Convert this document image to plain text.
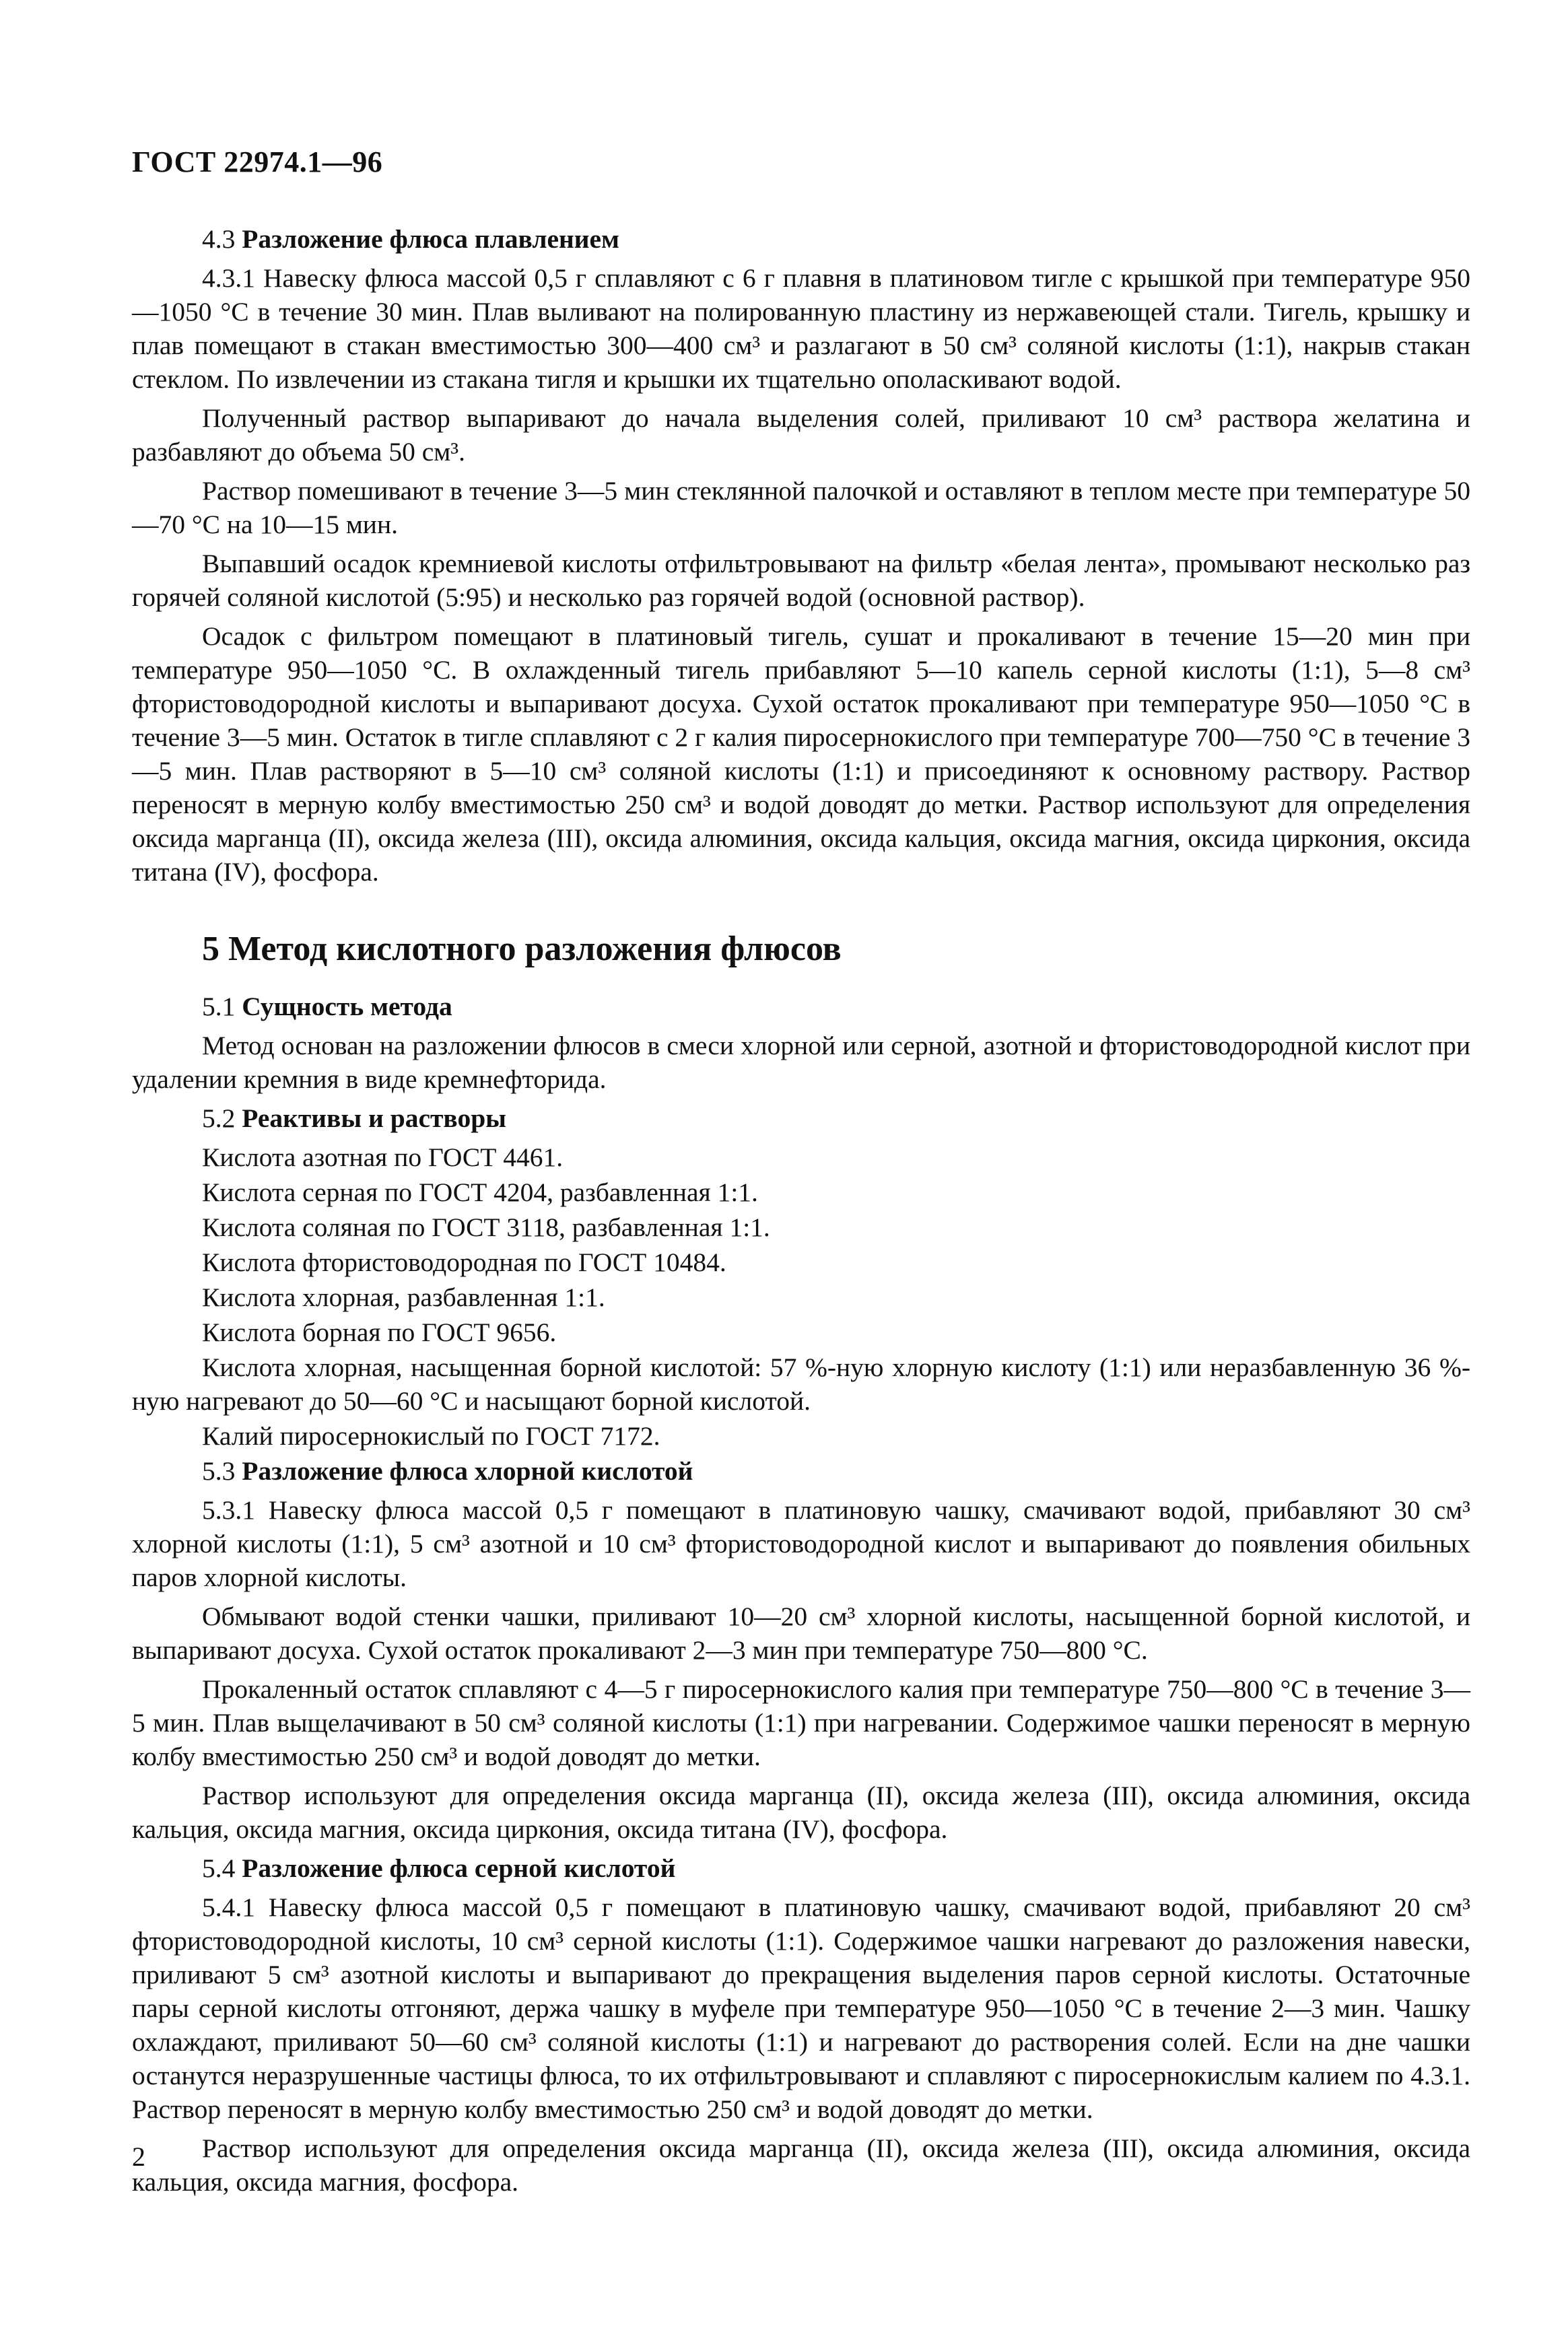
ГОСТ 22974.1—96

4.3 Разложение флюса плавлением

4.3.1 Навеску флюса массой 0,5 г сплавляют с 6 г плавня в платиновом тигле с крышкой при температуре 950—1050 °С в течение 30 мин. Плав выливают на полированную пластину из нержавеющей стали. Тигель, крышку и плав помещают в стакан вместимостью 300—400 см³ и разлагают в 50 см³ соляной кислоты (1:1), накрыв стакан стеклом. По извлечении из стакана тигля и крышки их тщательно ополаскивают водой.

Полученный раствор выпаривают до начала выделения солей, приливают 10 см³ раствора желатина и разбавляют до объема 50 см³.

Раствор помешивают в течение 3—5 мин стеклянной палочкой и оставляют в теплом месте при температуре 50—70 °С на 10—15 мин.

Выпавший осадок кремниевой кислоты отфильтровывают на фильтр «белая лента», промывают несколько раз горячей соляной кислотой (5:95) и несколько раз горячей водой (основной раствор).

Осадок с фильтром помещают в платиновый тигель, сушат и прокаливают в течение 15—20 мин при температуре 950—1050 °С. В охлажденный тигель прибавляют 5—10 капель серной кислоты (1:1), 5—8 см³ фтористоводородной кислоты и выпаривают досуха. Сухой остаток прокаливают при температуре 950—1050 °С в течение 3—5 мин. Остаток в тигле сплавляют с 2 г калия пиросернокислого при температуре 700—750 °С в течение 3—5 мин. Плав растворяют в 5—10 см³ соляной кислоты (1:1) и присоединяют к основному раствору. Раствор переносят в мерную колбу вместимостью 250 см³ и водой доводят до метки. Раствор используют для определения оксида марганца (II), оксида железа (III), оксида алюминия, оксида кальция, оксида магния, оксида циркония, оксида титана (IV), фосфора.

5 Метод кислотного разложения флюсов

5.1 Сущность метода

Метод основан на разложении флюсов в смеси хлорной или серной, азотной и фтористоводородной кислот при удалении кремния в виде кремнефторида.

5.2 Реактивы и растворы

Кислота азотная по ГОСТ 4461.

Кислота серная по ГОСТ 4204, разбавленная 1:1.

Кислота соляная по ГОСТ 3118, разбавленная 1:1.

Кислота фтористоводородная по ГОСТ 10484.

Кислота хлорная, разбавленная 1:1.

Кислота борная по ГОСТ 9656.

Кислота хлорная, насыщенная борной кислотой: 57 %-ную хлорную кислоту (1:1) или неразбавленную 36 %-ную нагревают до 50—60 °С и насыщают борной кислотой.

Калий пиросернокислый по ГОСТ 7172.

5.3 Разложение флюса хлорной кислотой

5.3.1 Навеску флюса массой 0,5 г помещают в платиновую чашку, смачивают водой, прибавляют 30 см³ хлорной кислоты (1:1), 5 см³ азотной и 10 см³ фтористоводородной кислот и выпаривают до появления обильных паров хлорной кислоты.

Обмывают водой стенки чашки, приливают 10—20 см³ хлорной кислоты, насыщенной борной кислотой, и выпаривают досуха. Сухой остаток прокаливают 2—3 мин при температуре 750—800 °С.

Прокаленный остаток сплавляют с 4—5 г пиросернокислого калия при температуре 750—800 °С в течение 3—5 мин. Плав выщелачивают в 50 см³ соляной кислоты (1:1) при нагревании. Содержимое чашки переносят в мерную колбу вместимостью 250 см³ и водой доводят до метки.

Раствор используют для определения оксида марганца (II), оксида железа (III), оксида алюминия, оксида кальция, оксида магния, оксида циркония, оксида титана (IV), фосфора.

5.4 Разложение флюса серной кислотой

5.4.1 Навеску флюса массой 0,5 г помещают в платиновую чашку, смачивают водой, прибавляют 20 см³ фтористоводородной кислоты, 10 см³ серной кислоты (1:1). Содержимое чашки нагревают до разложения навески, приливают 5 см³ азотной кислоты и выпаривают до прекращения выделения паров серной кислоты. Остаточные пары серной кислоты отгоняют, держа чашку в муфеле при температуре 950—1050 °С в течение 2—3 мин. Чашку охлаждают, приливают 50—60 см³ соляной кислоты (1:1) и нагревают до растворения солей. Если на дне чашки останутся неразрушенные частицы флюса, то их отфильтровывают и сплавляют с пиросернокислым калием по 4.3.1. Раствор переносят в мерную колбу вместимостью 250 см³ и водой доводят до метки.

Раствор используют для определения оксида марганца (II), оксида железа (III), оксида алюминия, оксида кальция, оксида магния, фосфора.

2
